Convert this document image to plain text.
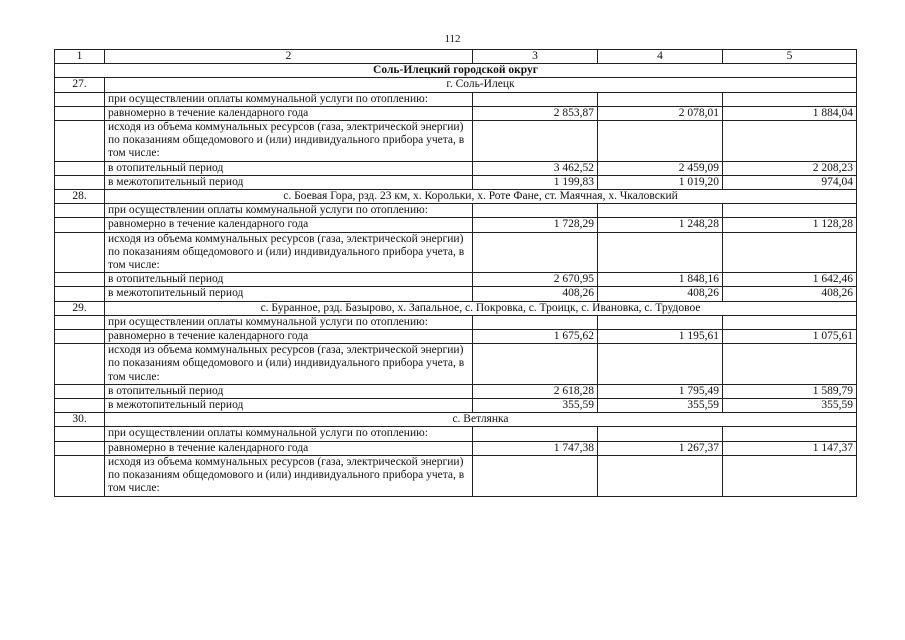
112
1	2	3	4	5
Соль-Илецкий городской округ				
27.	г. Соль-Илецк			
	при осуществлении оплаты коммунальной услуги по отоплению:			
	равномерно в течение календарного года	2 853,87	2 078,01	1 884,04
	исходя из объема коммунальных ресурсов (газа, электрической энергии) по показаниям общедомового и (или) индивидуального прибора учета, в том числе:			
	в отопительный период	3 462,52	2 459,09	2 208,23
	в межотопительный период	1 199,83	1 019,20	974,04
28.	с. Боевая Гора, рзд. 23 км, х. Корольки, х. Роте Фане, ст. Маячная, х. Чкаловский			
	при осуществлении оплаты коммунальной услуги по отоплению:			
	равномерно в течение календарного года	1 728,29	1 248,28	1 128,28
	исходя из объема коммунальных ресурсов (газа, электрической энергии) по показаниям общедомового и (или) индивидуального прибора учета, в том числе:			
	в отопительный период	2 670,95	1 848,16	1 642,46
	в межотопительный период	408,26	408,26	408,26
29.	с. Буранное, рзд. Базырово, х. Запальное, с. Покровка, с. Троицк, с. Ивановка, с. Трудовое			
	при осуществлении оплаты коммунальной услуги по отоплению:			
	равномерно в течение календарного года	1 675,62	1 195,61	1 075,61
	исходя из объема коммунальных ресурсов (газа, электрической энергии) по показаниям общедомового и (или) индивидуального прибора учета, в том числе:			
	в отопительный период	2 618,28	1 795,49	1 589,79
	в межотопительный период	355,59	355,59	355,59
30.	с. Ветлянка			
	при осуществлении оплаты коммунальной услуги по отоплению:			
	равномерно в течение календарного года	1 747,38	1 267,37	1 147,37
	исходя из объема коммунальных ресурсов (газа, электрической энергии) по показаниям общедомового и (или) индивидуального прибора учета, в том числе:			
